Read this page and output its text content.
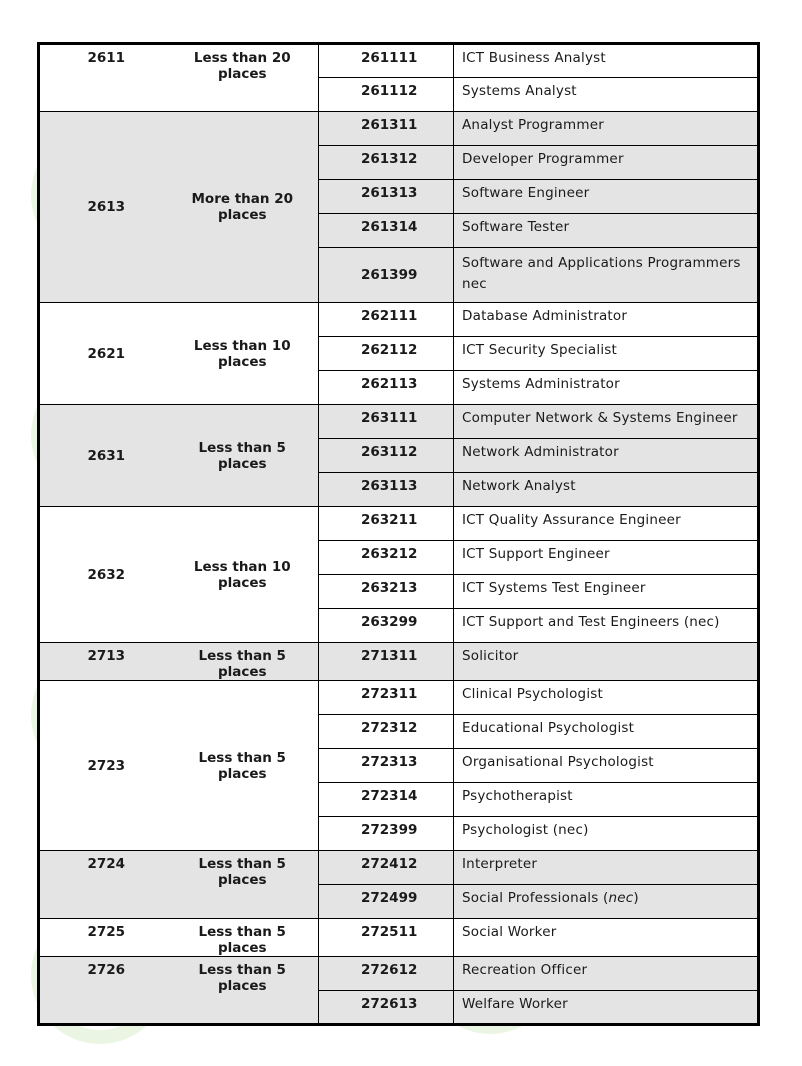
2611	Less than 20 places	261111	ICT Business Analyst
		261112	Systems Analyst
2613	More than 20 places	261311	Analyst Programmer
		261312	Developer Programmer
		261313	Software Engineer
		261314	Software Tester
		261399	Software and Applications Programmers nec
2621	Less than 10 places	262111	Database Administrator
		262112	ICT Security Specialist
		262113	Systems Administrator
2631	Less than 5 places	263111	Computer Network & Systems Engineer
		263112	Network Administrator
		263113	Network Analyst
2632	Less than 10 places	263211	ICT Quality Assurance Engineer
		263212	ICT Support Engineer
		263213	ICT Systems Test Engineer
		263299	ICT Support and Test Engineers (nec)
2713	Less than 5 places	271311	Solicitor
2723	Less than 5 places	272311	Clinical Psychologist
		272312	Educational Psychologist
		272313	Organisational Psychologist
		272314	Psychotherapist
		272399	Psychologist (nec)
2724	Less than 5 places	272412	Interpreter
		272499	Social Professionals (nec)
2725	Less than 5 places	272511	Social Worker
2726	Less than 5 places	272612	Recreation Officer
		272613	Welfare Worker
